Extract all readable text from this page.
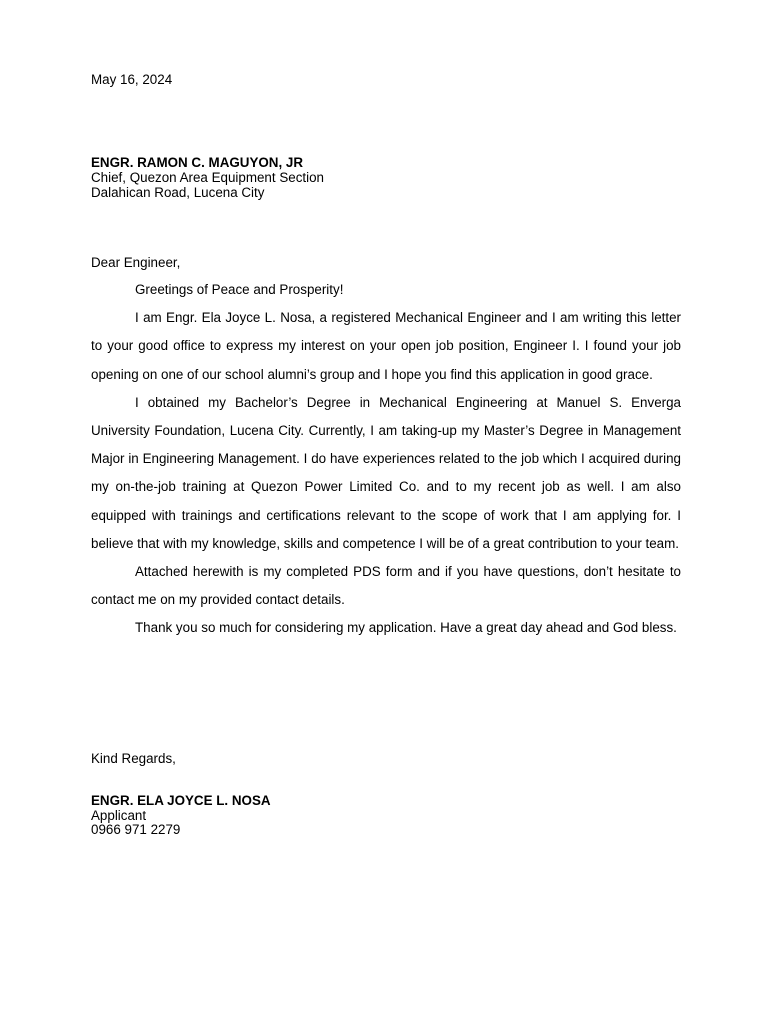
May 16, 2024
ENGR. RAMON C. MAGUYON, JR
Chief, Quezon Area Equipment Section
Dalahican Road, Lucena City
Dear Engineer,

Greetings of Peace and Prosperity!

I am Engr. Ela Joyce L. Nosa, a registered Mechanical Engineer and I am writing this letter to your good office to express my interest on your open job position, Engineer I. I found your job opening on one of our school alumni’s group and I hope you find this application in good grace.

I obtained my Bachelor’s Degree in Mechanical Engineering at Manuel S. Enverga University Foundation, Lucena City. Currently, I am taking-up my Master’s Degree in Management Major in Engineering Management. I do have experiences related to the job which I acquired during my on-the-job training at Quezon Power Limited Co. and to my recent job as well. I am also equipped with trainings and certifications relevant to the scope of work that I am applying for. I believe that with my knowledge, skills and competence I will be of a great contribution to your team.

Attached herewith is my completed PDS form and if you have questions, don’t hesitate to contact me on my provided contact details.

Thank you so much for considering my application. Have a great day ahead and God bless.

Kind Regards,
ENGR. ELA JOYCE L. NOSA
Applicant
0966 971 2279
